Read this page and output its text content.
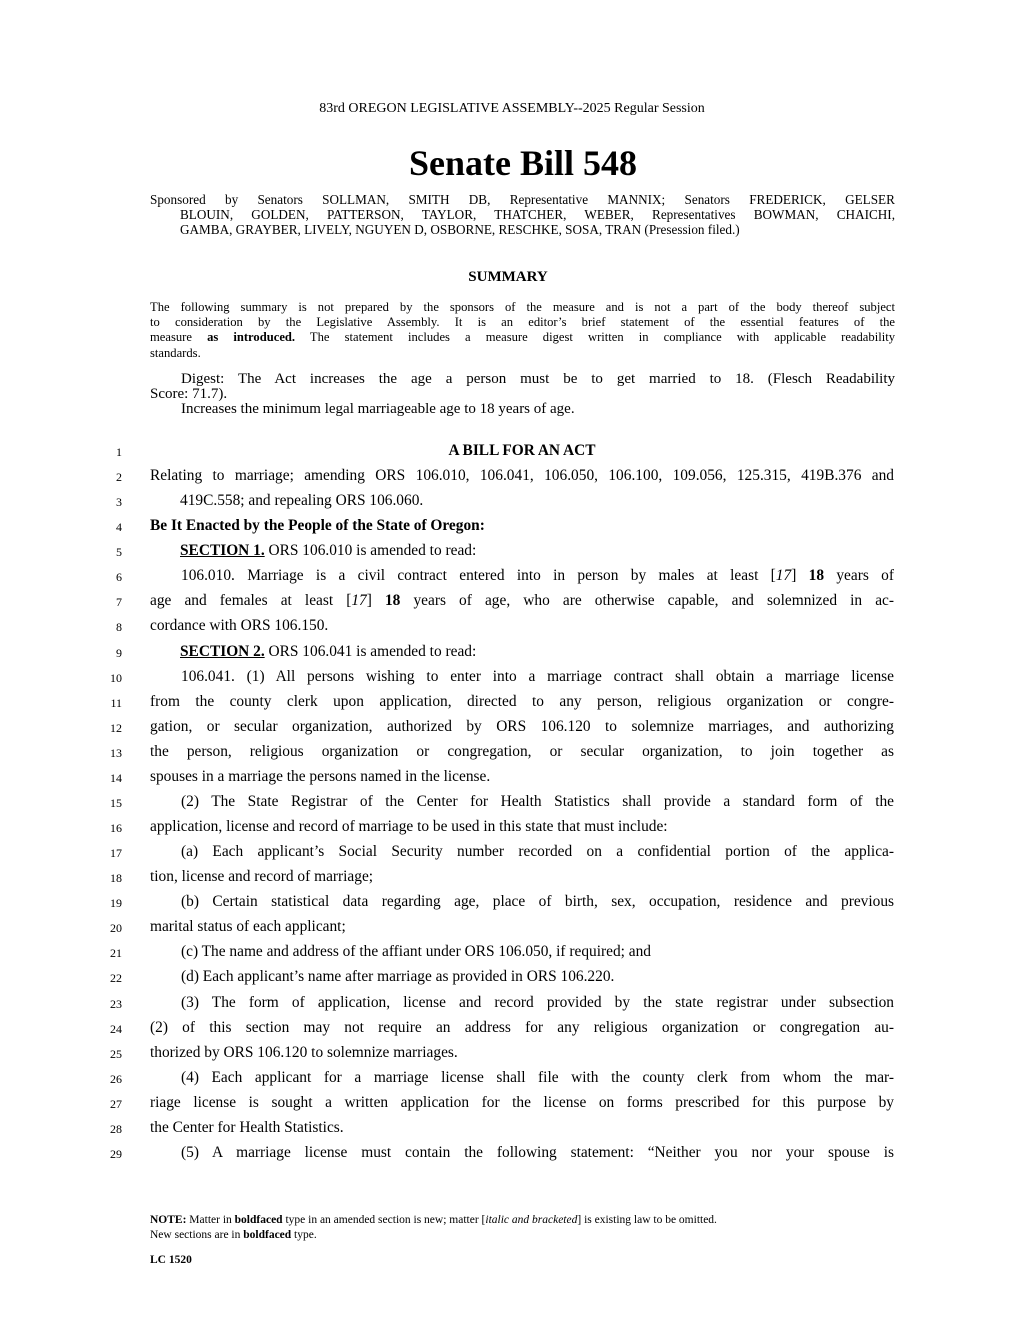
83rd OREGON LEGISLATIVE ASSEMBLY--2025 Regular Session
Senate Bill 548
Sponsored by Senators SOLLMAN, SMITH DB, Representative MANNIX; Senators FREDERICK, GELSER
BLOUIN, GOLDEN, PATTERSON, TAYLOR, THATCHER, WEBER, Representatives BOWMAN, CHAICHI,
GAMBA, GRAYBER, LIVELY, NGUYEN D, OSBORNE, RESCHKE, SOSA, TRAN (Presession filed.)
SUMMARY
The following summary is not prepared by the sponsors of the measure and is not a part of the body thereof subject
to consideration by the Legislative Assembly. It is an editor’s brief statement of the essential features of the
measure as introduced. The statement includes a measure digest written in compliance with applicable readability
standards.
Digest: The Act increases the age a person must be to get married to 18. (Flesch Readability
Score: 71.7).
Increases the minimum legal marriageable age to 18 years of age.
1	A BILL FOR AN ACT
2 Relating to marriage; amending ORS 106.010, 106.041, 106.050, 106.100, 109.056, 125.315, 419B.376 and
3	419C.558; and repealing ORS 106.060.
4 Be It Enacted by the People of the State of Oregon:
5	SECTION 1. ORS 106.010 is amended to read:
6	106.010. Marriage is a civil contract entered into in person by males at least [17] 18 years of
7 age and females at least [17] 18 years of age, who are otherwise capable, and solemnized in ac-
8 cordance with ORS 106.150.
9	SECTION 2. ORS 106.041 is amended to read:
10	106.041. (1) All persons wishing to enter into a marriage contract shall obtain a marriage license
11 from the county clerk upon application, directed to any person, religious organization or congre-
12 gation, or secular organization, authorized by ORS 106.120 to solemnize marriages, and authorizing
13 the person, religious organization or congregation, or secular organization, to join together as
14 spouses in a marriage the persons named in the license.
15	(2) The State Registrar of the Center for Health Statistics shall provide a standard form of the
16 application, license and record of marriage to be used in this state that must include:
17	(a) Each applicant’s Social Security number recorded on a confidential portion of the applica-
18 tion, license and record of marriage;
19	(b) Certain statistical data regarding age, place of birth, sex, occupation, residence and previous
20 marital status of each applicant;
21	(c) The name and address of the affiant under ORS 106.050, if required; and
22	(d) Each applicant’s name after marriage as provided in ORS 106.220.
23	(3) The form of application, license and record provided by the state registrar under subsection
24 (2) of this section may not require an address for any religious organization or congregation au-
25 thorized by ORS 106.120 to solemnize marriages.
26	(4) Each applicant for a marriage license shall file with the county clerk from whom the mar-
27 riage license is sought a written application for the license on forms prescribed for this purpose by
28 the Center for Health Statistics.
29	(5) A marriage license must contain the following statement: “Neither you nor your spouse is
NOTE: Matter in boldfaced type in an amended section is new; matter [italic and bracketed] is existing law to be omitted.
New sections are in boldfaced type.
LC 1520
